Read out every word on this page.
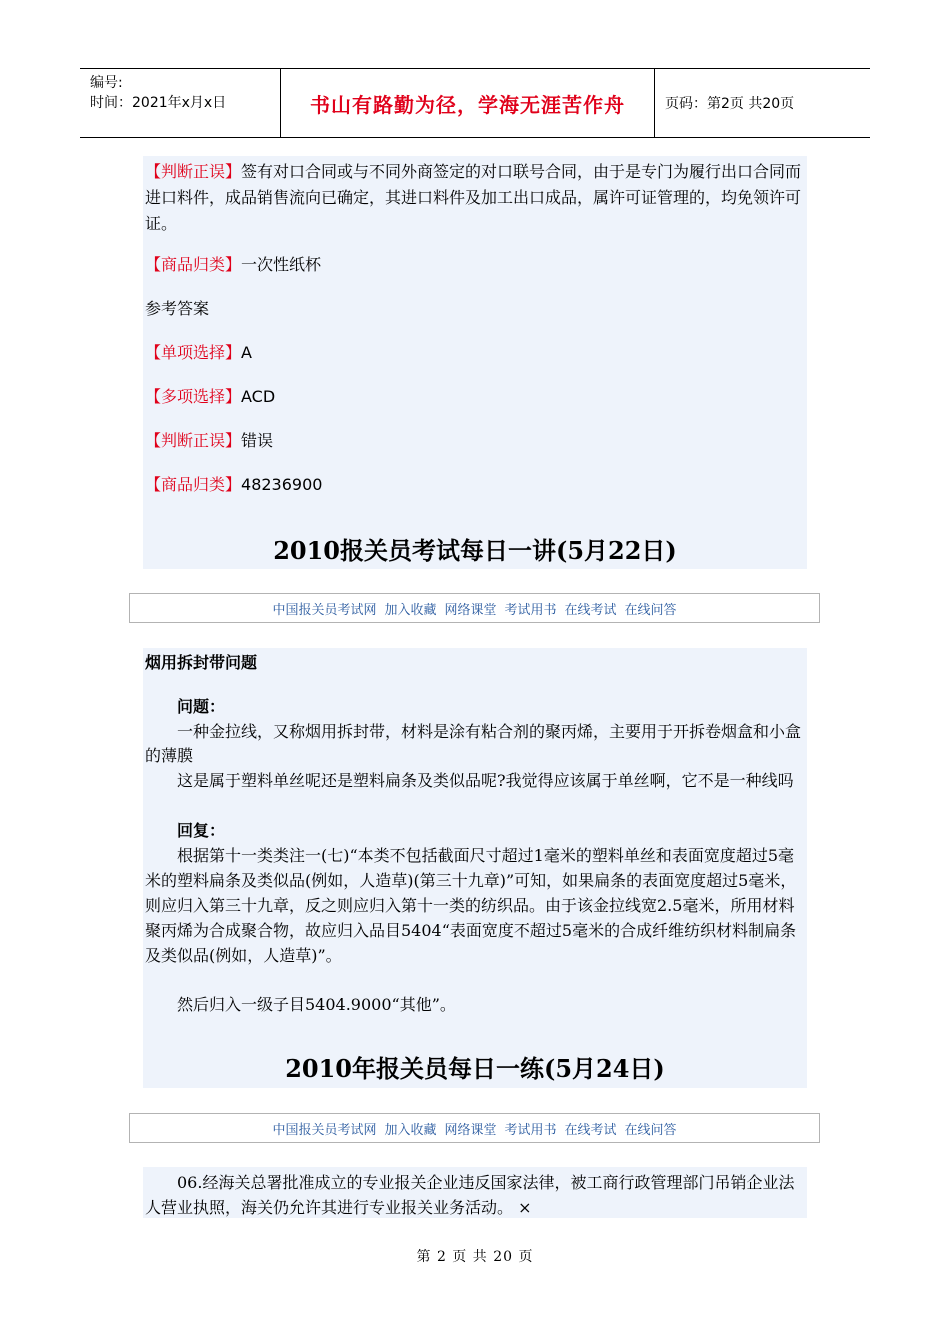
编号:
时间：2021年x月x日	书山有路勤为径，学海无涯苦作舟	页码：第2页 共20页

【判断正误】签有对口合同或与不同外商签定的对口联号合同，由于是专门为履行出口合同而进口料件，成品销售流向已确定，其进口料件及加工出口成品，属许可证管理的，均免领许可证。

【商品归类】一次性纸杯

参考答案

【单项选择】A

【多项选择】ACD

【判断正误】错误

【商品归类】48236900

2010报关员考试每日一讲(5月22日)
中国报关员考试网 加入收藏 网络课堂 考试用书 在线考试 在线问答

烟用拆封带问题

问题：

一种金拉线，又称烟用拆封带，材料是涂有粘合剂的聚丙烯，主要用于开拆卷烟盒和小盒的薄膜

这是属于塑料单丝呢还是塑料扁条及类似品呢?我觉得应该属于单丝啊，它不是一种线吗

回复：

根据第十一类类注一(七)“本类不包括截面尺寸超过1毫米的塑料单丝和表面宽度超过5毫米的塑料扁条及类似品(例如，人造草)(第三十九章)”可知，如果扁条的表面宽度超过5毫米，则应归入第三十九章，反之则应归入第十一类的纺织品。由于该金拉线宽2.5毫米，所用材料聚丙烯为合成聚合物，故应归入品目5404“表面宽度不超过5毫米的合成纤维纺织材料制扁条及类似品(例如，人造草)”。

然后归入一级子目5404.9000“其他”。

2010年报关员每日一练(5月24日)
中国报关员考试网 加入收藏 网络课堂 考试用书 在线考试 在线问答

06.经海关总署批准成立的专业报关企业违反国家法律，被工商行政管理部门吊销企业法人营业执照，海关仍允许其进行专业报关业务活动。 ×

第 2 页 共 20 页
